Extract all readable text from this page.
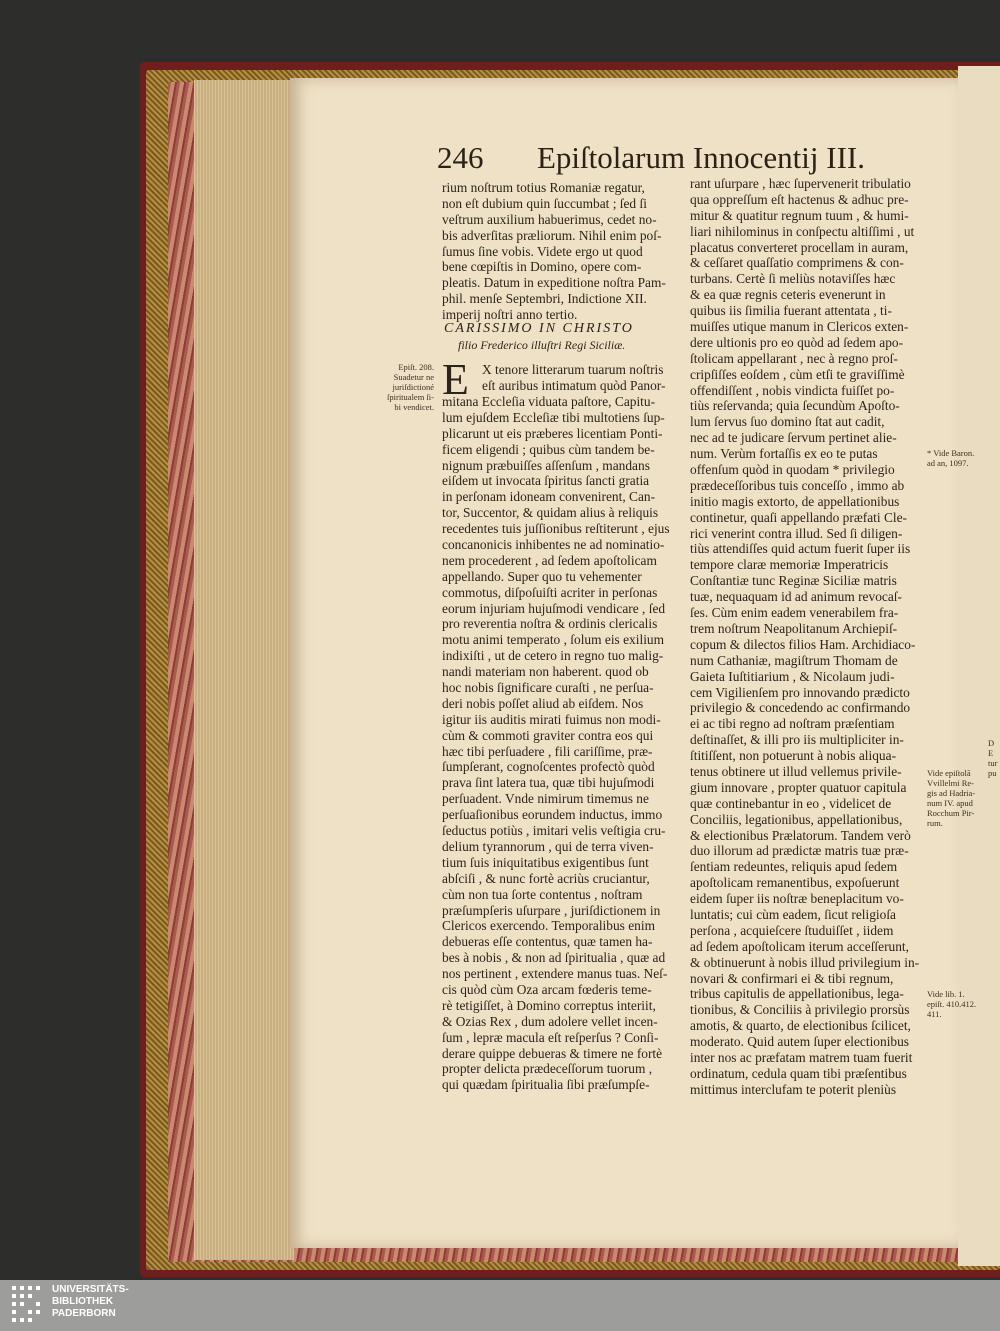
246 Epiſtolarum Innocentij III.
rium noſtrum totius Romaniæ regatur,
non eſt dubium quin ſuccumbat ; ſed ſi
veſtrum auxilium habuerimus, cedet no-
bis adverſitas præliorum. Nihil enim poſ-
ſumus ſine vobis. Videte ergo ut quod
bene cœpiſtis in Domino, opere com-
pleatis. Datum in expeditione noſtra Pam-
phil. menſe Septembri, Indictione XII.
imperij noſtri anno tertio.
CARISSIMO IN CHRISTO
filio Frederico illuſtri Regi Siciliæ.
E X tenore litterarum tuarum noſtris
eſt auribus intimatum quòd Panor-
mitana Eccleſia viduata paſtore, Capitu-
lum ejuſdem Eccleſiæ tibi multotiens ſup-
plicarunt ut eis præberes licentiam Ponti-
ficem eligendi ; quibus cùm tandem be-
nignum præbuiſſes aſſenſum , mandans
eiſdem ut invocata ſpiritus ſancti gratia
in perſonam idoneam convenirent, Can-
tor, Succentor, & quidam alius à reliquis
recedentes tuis juſſionibus reſtiterunt , ejus
concanonicis inhibentes ne ad nominatio-
nem procederent , ad ſedem apoſtolicam
appellando. Super quo tu vehementer
commotus, diſpoſuiſti acriter in perſonas
eorum injuriam hujuſmodi vendicare , ſed
pro reverentia noſtra & ordinis clericalis
motu animi temperato , ſolum eis exilium
indixiſti , ut de cetero in regno tuo malig-
nandi materiam non haberent. quod ob
hoc nobis ſignificare curaſti , ne perſua-
deri nobis poſſet aliud ab eiſdem. Nos
igitur iis auditis mirati fuimus non modi-
cùm & commoti graviter contra eos qui
hæc tibi perſuadere , fili cariſſime, præ-
ſumpſerant, cognoſcentes profectò quòd
prava ſint latera tua, quæ tibi hujuſmodi
perſuadent. Vnde nimirum timemus ne
perſuaſionibus eorundem inductus, immo
ſeductus potiùs , imitari velis veſtigia cru-
delium tyrannorum , qui de terra viven-
tium ſuis iniquitatibus exigentibus ſunt
abſciſi , & nunc fortè acriùs cruciantur,
cùm non tua ſorte contentus , noſtram
præſumpſeris uſurpare , juriſdictionem in
Clericos exercendo. Temporalibus enim
debueras eſſe contentus, quæ tamen ha-
bes à nobis , & non ad ſpiritualia , quæ ad
nos pertinent , extendere manus tuas. Neſ-
cis quòd cùm Oza arcam fœderis teme-
rè tetigiſſet, à Domino correptus interiit,
& Ozias Rex , dum adolere vellet incen-
ſum , lepræ macula eſt reſperſus ? Conſi-
derare quippe debueras & timere ne fortè
propter delicta prædeceſſorum tuorum ,
qui quædam ſpiritualia ſibi præſumpſe-
rant uſurpare , hæc ſupervenerit tribulatio
qua oppreſſum eſt hactenus & adhuc pre-
mitur & quatitur regnum tuum , & humi-
liari nihilominus in conſpectu altiſſimi , ut
placatus converteret procellam in auram,
& ceſſaret quaſſatio comprimens & con-
turbans. Certè ſi meliùs notaviſſes hæc
& ea quæ regnis ceteris evenerunt in
quibus iis ſimilia fuerant attentata , ti-
muiſſes utique manum in Clericos exten-
dere ultionis pro eo quòd ad ſedem apo-
ſtolicam appellarant , nec à regno proſ-
cripſiſſes eoſdem , cùm etſi te graviſſimè
offendiſſent , nobis vindicta fuiſſet po-
tiùs reſervanda; quia ſecundùm Apoſto-
lum ſervus ſuo domino ſtat aut cadit,
nec ad te judicare ſervum pertinet alie-
num. Verùm fortaſſis ex eo te putas
offenſum quòd in quodam * privilegio
prædeceſſoribus tuis conceſſo , immo ab
initio magis extorto, de appellationibus
continetur, quaſi appellando præfati Cle-
rici venerint contra illud. Sed ſi diligen-
tiùs attendiſſes quid actum fuerit ſuper iis
tempore claræ memoriæ Imperatricis
Conſtantiæ tunc Reginæ Siciliæ matris
tuæ, nequaquam id ad animum revocaſ-
ſes. Cùm enim eadem venerabilem fra-
trem noſtrum Neapolitanum Archiepiſ-
copum & dilectos filios Ham. Archidiaco-
num Cathaniæ, magiſtrum Thomam de
Gaieta Iuſtitiarium , & Nicolaum judi-
cem Vigilienſem pro innovando prædicto
privilegio & concedendo ac confirmando
ei ac tibi regno ad noſtram præſentiam
deſtinaſſet, & illi pro iis multipliciter in-
ſtitiſſent, non potuerunt à nobis aliqua-
tenus obtinere ut illud vellemus privile-
gium innovare , propter quatuor capitula
quæ continebantur in eo , videlicet de
Conciliis, legationibus, appellationibus,
& electionibus Prælatorum. Tandem verò
duo illorum ad prædictæ matris tuæ præ-
ſentiam redeuntes, reliquis apud ſedem
apoſtolicam remanentibus, expoſuerunt
eidem ſuper iis noſtræ beneplacitum vo-
luntatis; cui cùm eadem, ſicut religioſa
perſona , acquieſcere ſtuduiſſet , iidem
ad ſedem apoſtolicam iterum acceſſerunt,
& obtinuerunt à nobis illud privilegium in-
novari & confirmari ei & tibi regnum,
tribus capitulis de appellationibus, lega-
tionibus, & Conciliis à privilegio prorsùs
amotis, & quarto, de electionibus ſcilicet,
moderato. Quid autem ſuper electionibus
inter nos ac præfatam matrem tuam fuerit
ordinatum, cedula quam tibi præſentibus
mittimus interclufam te poterit pleniùs
Epiſt. 208.
Suadetur ne
juriſdictioné
ſpiritualem ſi-
bi vendicet.
* Vide Baron.
ad an, 1097.
Vide epiſtolā
Vvillelmi Re-
gis ad Hadria-
num IV. apud
Rocchum Pir-
rum.
Vide lib. 1.
epiſt. 410.412.
411.
D
E
tur
pu
UNIVERSITÄTS-
BIBLIOTHEK
PADERBORN
